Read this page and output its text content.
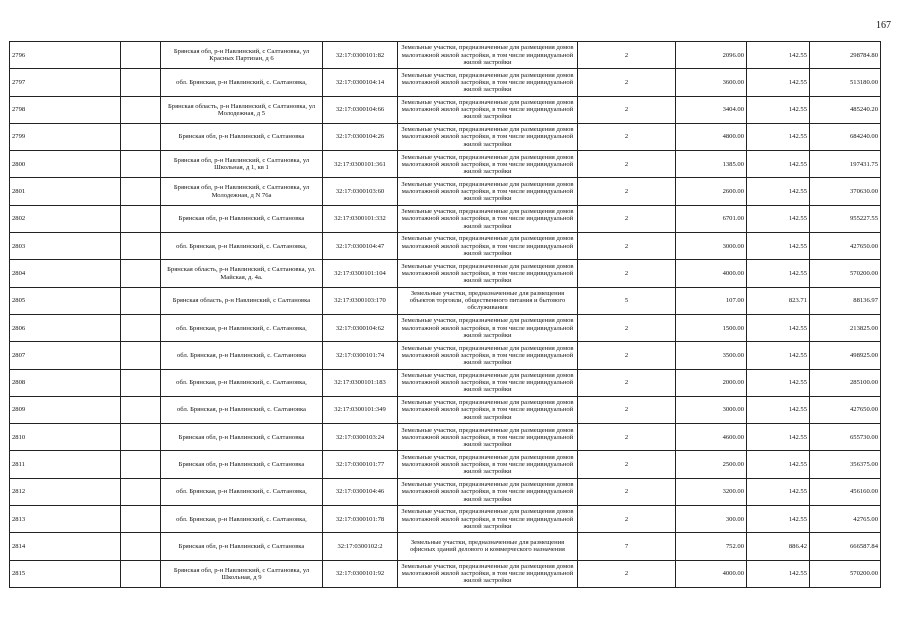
167
2796		Брянская обл, р-н Навлинский, с Салтановка, ул Красных Партизан, д 6	32:17:0300101:82	Земельные участки, предназначенные для размещения домов малоэтажной жилой застройки, в том числе индивидуальной жилой застройки	2	2096.00	142.55	298784.80
2797		обл. Брянская, р-н Навлинский, с. Салтановка,	32:17:0300104:14	Земельные участки, предназначенные для размещения домов малоэтажной жилой застройки, в том числе индивидуальной жилой застройки	2	3600.00	142.55	513180.00
2798		Брянская область, р-н Навлинский, с Салтановка, ул Молодежная, д 5	32:17:0300104:66	Земельные участки, предназначенные для размещения домов малоэтажной жилой застройки, в том числе индивидуальной жилой застройки	2	3404.00	142.55	485240.20
2799		Брянская обл, р-н Навлинский, с Салтановка	32:17:0300104:26	Земельные участки, предназначенные для размещения домов малоэтажной жилой застройки, в том числе индивидуальной жилой застройки	2	4800.00	142.55	684240.00
2800		Брянская обл, р-н Навлинский, с Салтановка, ул Школьная, д 1, кв 1	32:17:0300101:361	Земельные участки, предназначенные для размещения домов малоэтажной жилой застройки, в том числе индивидуальной жилой застройки	2	1385.00	142.55	197431.75
2801		Брянская обл, р-н Навлинский, с Салтановка, ул Молодежная, д N 76а	32:17:0300103:60	Земельные участки, предназначенные для размещения домов малоэтажной жилой застройки, в том числе индивидуальной жилой застройки	2	2600.00	142.55	370630.00
2802		Брянская обл, р-н Навлинский, с Салтановка	32:17:0300101:332	Земельные участки, предназначенные для размещения домов малоэтажной жилой застройки, в том числе индивидуальной жилой застройки	2	6701.00	142.55	955227.55
2803		обл. Брянская, р-н Навлинский, с. Салтановка,	32:17:0300104:47	Земельные участки, предназначенные для размещения домов малоэтажной жилой застройки, в том числе индивидуальной жилой застройки	2	3000.00	142.55	427650.00
2804		Брянская область, р-н Навлинский, с Салтановка, ул. Майская, д. 4а.	32:17:0300101:104	Земельные участки, предназначенные для размещения домов малоэтажной жилой застройки, в том числе индивидуальной жилой застройки	2	4000.00	142.55	570200.00
2805		Брянская область, р-н Навлинский, с Салтановка	32:17:0300103:170	Земельные участки, предназначенные для размещения объектов торговли, общественного питания и бытового обслуживания	5	107.00	823.71	88136.97
2806		обл. Брянская, р-н Навлинский, с. Салтановка,	32:17:0300104:62	Земельные участки, предназначенные для размещения домов малоэтажной жилой застройки, в том числе индивидуальной жилой застройки	2	1500.00	142.55	213825.00
2807		обл. Брянская, р-н Навлинский, с. Салтановка	32:17:0300101:74	Земельные участки, предназначенные для размещения домов малоэтажной жилой застройки, в том числе индивидуальной жилой застройки	2	3500.00	142.55	498925.00
2808		обл. Брянская, р-н Навлинский, с. Салтановка,	32:17:0300101:183	Земельные участки, предназначенные для размещения домов малоэтажной жилой застройки, в том числе индивидуальной жилой застройки	2	2000.00	142.55	285100.00
2809		обл. Брянская, р-н Навлинский, с. Салтановка	32:17:0300101:349	Земельные участки, предназначенные для размещения домов малоэтажной жилой застройки, в том числе индивидуальной жилой застройки	2	3000.00	142.55	427650.00
2810		Брянская обл, р-н Навлинский, с Салтановка	32:17:0300103:24	Земельные участки, предназначенные для размещения домов малоэтажной жилой застройки, в том числе индивидуальной жилой застройки	2	4600.00	142.55	655730.00
2811		Брянская обл, р-н Навлинский, с Салтановка	32:17:0300101:77	Земельные участки, предназначенные для размещения домов малоэтажной жилой застройки, в том числе индивидуальной жилой застройки	2	2500.00	142.55	356375.00
2812		обл. Брянская, р-н Навлинский, с. Салтановка,	32:17:0300104:46	Земельные участки, предназначенные для размещения домов малоэтажной жилой застройки, в том числе индивидуальной жилой застройки	2	3200.00	142.55	456160.00
2813		обл. Брянская, р-н Навлинский, с. Салтановка,	32:17:0300101:78	Земельные участки, предназначенные для размещения домов малоэтажной жилой застройки, в том числе индивидуальной жилой застройки	2	300.00	142.55	42765.00
2814		Брянская обл, р-н Навлинский, с Салтановка	32:17:0300102:2	Земельные участки, предназначенные для размещения офисных зданий делового и коммерческого назначения	7	752.00	886.42	666587.84
2815		Брянская обл, р-н Навлинский, с Салтановка, ул Школьная, д 9	32:17:0300101:92	Земельные участки, предназначенные для размещения домов малоэтажной жилой застройки, в том числе индивидуальной жилой застройки	2	4000.00	142.55	570200.00
